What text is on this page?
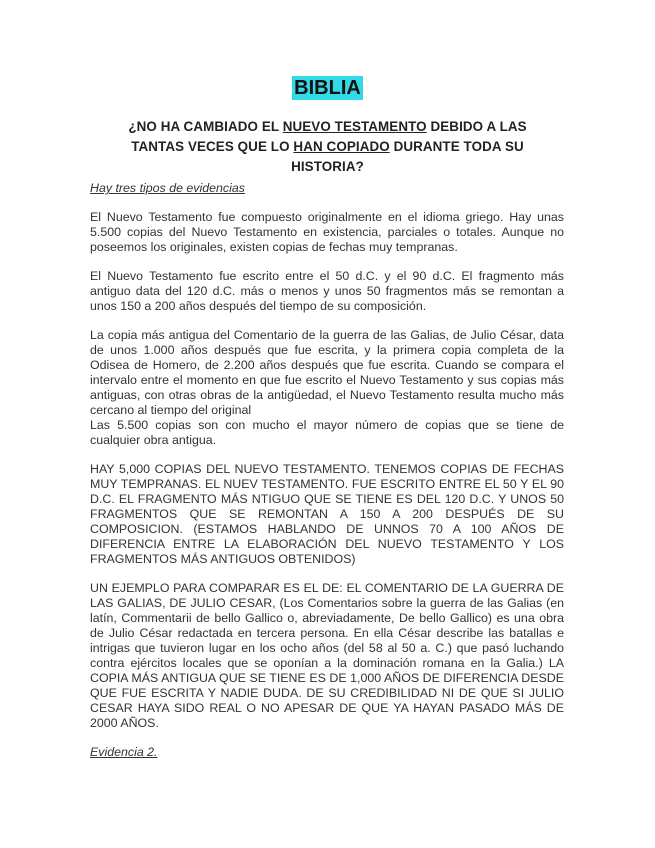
BIBLIA
¿NO HA CAMBIADO EL NUEVO TESTAMENTO DEBIDO A LAS TANTAS VECES QUE LO HAN COPIADO DURANTE TODA SU HISTORIA?

Hay tres tipos de evidencias

El Nuevo Testamento fue compuesto originalmente en el idioma griego. Hay unas 5.500 copias del Nuevo Testamento en existencia, parciales o totales. Aunque no poseemos los originales, existen copias de fechas muy tempranas.

El Nuevo Testamento fue escrito entre el 50 d.C. y el 90 d.C. El fragmento más antiguo data del 120 d.C. más o menos y unos 50 fragmentos más se remontan a unos 150 a 200 años después del tiempo de su composición.

La copia más antigua del Comentario de la guerra de las Galias, de Julio César, data de unos 1.000 años después que fue escrita, y la primera copia completa de la Odisea de Homero, de 2.200 años después que fue escrita. Cuando se compara el intervalo entre el momento en que fue escrito el Nuevo Testamento y sus copias más antiguas, con otras obras de la antigüedad, el Nuevo Testamento resulta mucho más cercano al tiempo del original

Las 5.500 copias son con mucho el mayor número de copias que se tiene de cualquier obra antigua.

HAY 5,000 COPIAS DEL NUEVO TESTAMENTO. TENEMOS COPIAS DE FECHAS MUY TEMPRANAS. EL NUEV TESTAMENTO. FUE ESCRITO ENTRE EL 50 Y EL 90 D.C. EL FRAGMENTO MÁS NTIGUO QUE SE TIENE ES DEL 120 D.C. Y UNOS 50 FRAGMENTOS QUE SE REMONTAN A 150 A 200 DESPUÉS DE SU COMPOSICION. (ESTAMOS HABLANDO DE UNNOS 70 A 100 AÑOS DE DIFERENCIA ENTRE LA ELABORACIÓN DEL NUEVO TESTAMENTO Y LOS FRAGMENTOS MÁS ANTIGUOS OBTENIDOS)

UN EJEMPLO PARA COMPARAR ES EL DE: EL COMENTARIO DE LA GUERRA DE LAS GALIAS, DE JULIO CESAR, (Los Comentarios sobre la guerra de las Galias (en latín, Commentarii de bello Gallico o, abreviadamente, De bello Gallico) es una obra de Julio César redactada en tercera persona. En ella César describe las batallas e intrigas que tuvieron lugar en los ocho años (del 58 al 50 a. C.) que pasó luchando contra ejércitos locales que se oponían a la dominación romana en la Galia.) LA COPIA MÁS ANTIGUA QUE SE TIENE ES DE 1,000 AÑOS DE DIFERENCIA DESDE QUE FUE ESCRITA Y NADIE DUDA. DE SU CREDIBILIDAD NI DE QUE SI JULIO CESAR HAYA SIDO REAL O NO APESAR DE QUE YA HAYAN PASADO MÁS DE 2000 AÑOS.

Evidencia 2.
